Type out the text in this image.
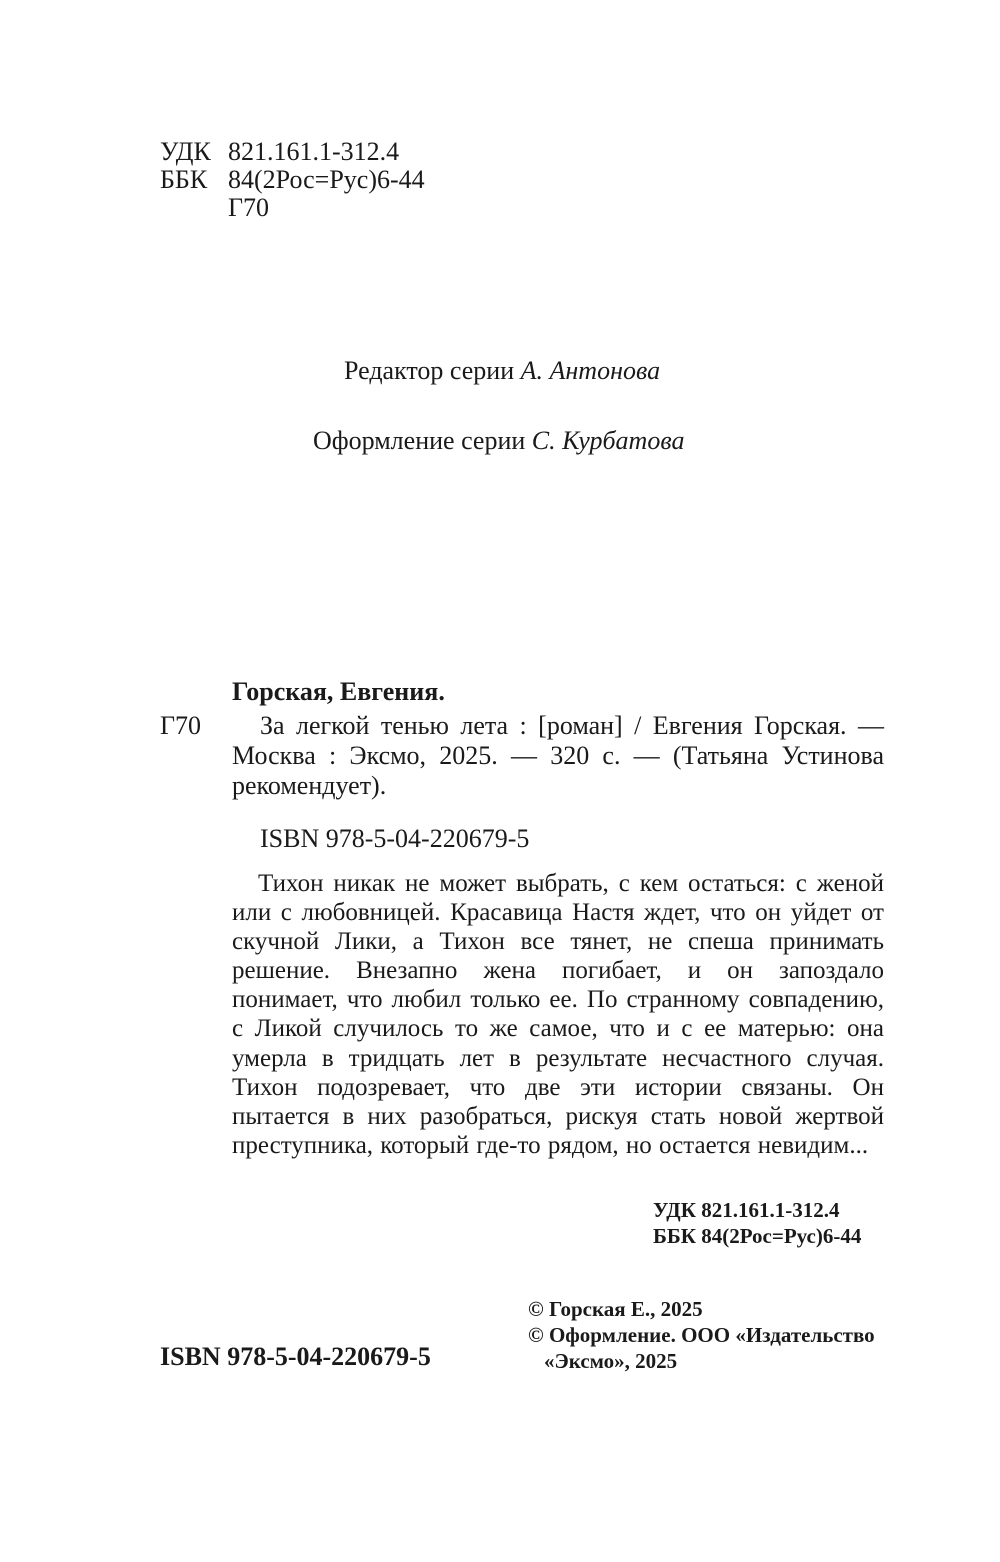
УДК 821.161.1-312.4
ББК 84(2Рос=Рус)6-44
Г70
Редактор серии А. Антонова
Оформление серии С. Курбатова
Горская, Евгения.
Г70	За легкой тенью лета : [роман] / Евгения Горская. — Москва : Эксмо, 2025. — 320 с. — (Татьяна Устинова рекомендует).
ISBN 978-5-04-220679-5
Тихон никак не может выбрать, с кем остаться: с женой или с любовницей. Красавица Настя ждет, что он уйдет от скучной Лики, а Тихон все тянет, не спеша принимать решение. Внезапно жена погибает, и он запоздало понимает, что любил только ее. По странному совпадению, с Ликой случилось то же самое, что и с ее матерью: она умерла в тридцать лет в результате несчастного случая. Тихон подозревает, что две эти истории связаны. Он пытается в них разобраться, рискуя стать новой жертвой преступника, который где-то рядом, но остается невидим...
УДК 821.161.1-312.4
ББК 84(2Рос=Рус)6-44
ISBN 978-5-04-220679-5
© Горская Е., 2025
© Оформление. ООО «Издательство
«Эксмо», 2025
